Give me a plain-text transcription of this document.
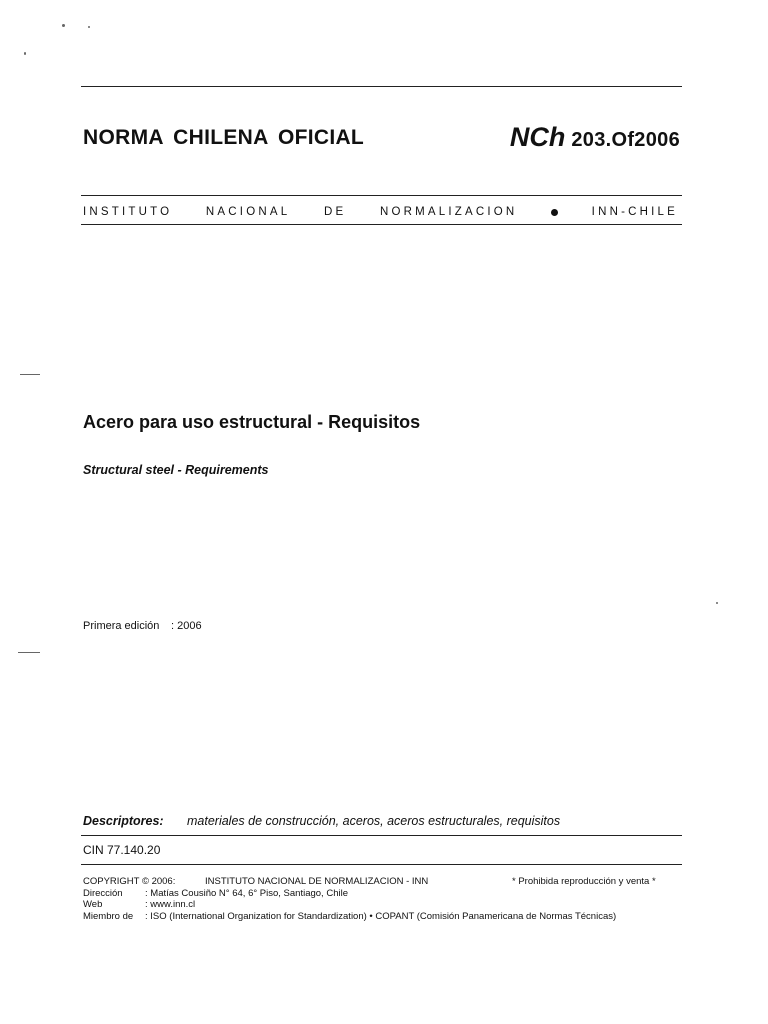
NORMA CHILENA OFICIAL	NCh 203.Of2006
INSTITUTO	NACIONAL	DE	NORMALIZACION	INN-CHILE
Acero para uso estructural - Requisitos
Structural steel - Requirements
Primera edición : 2006
Descriptores: materiales de construcción, aceros, aceros estructurales, requisitos
CIN 77.140.20
COPYRIGHT © 2006:	INSTITUTO NACIONAL DE NORMALIZACION - INN
Dirección	: Matías Cousiño N° 64, 6° Piso, Santiago, Chile
Web	: www.inn.cl
Miembro de	: ISO (International Organization for Standardization) • COPANT (Comisión Panamericana de Normas Técnicas)
* Prohibida reproducción y venta *
